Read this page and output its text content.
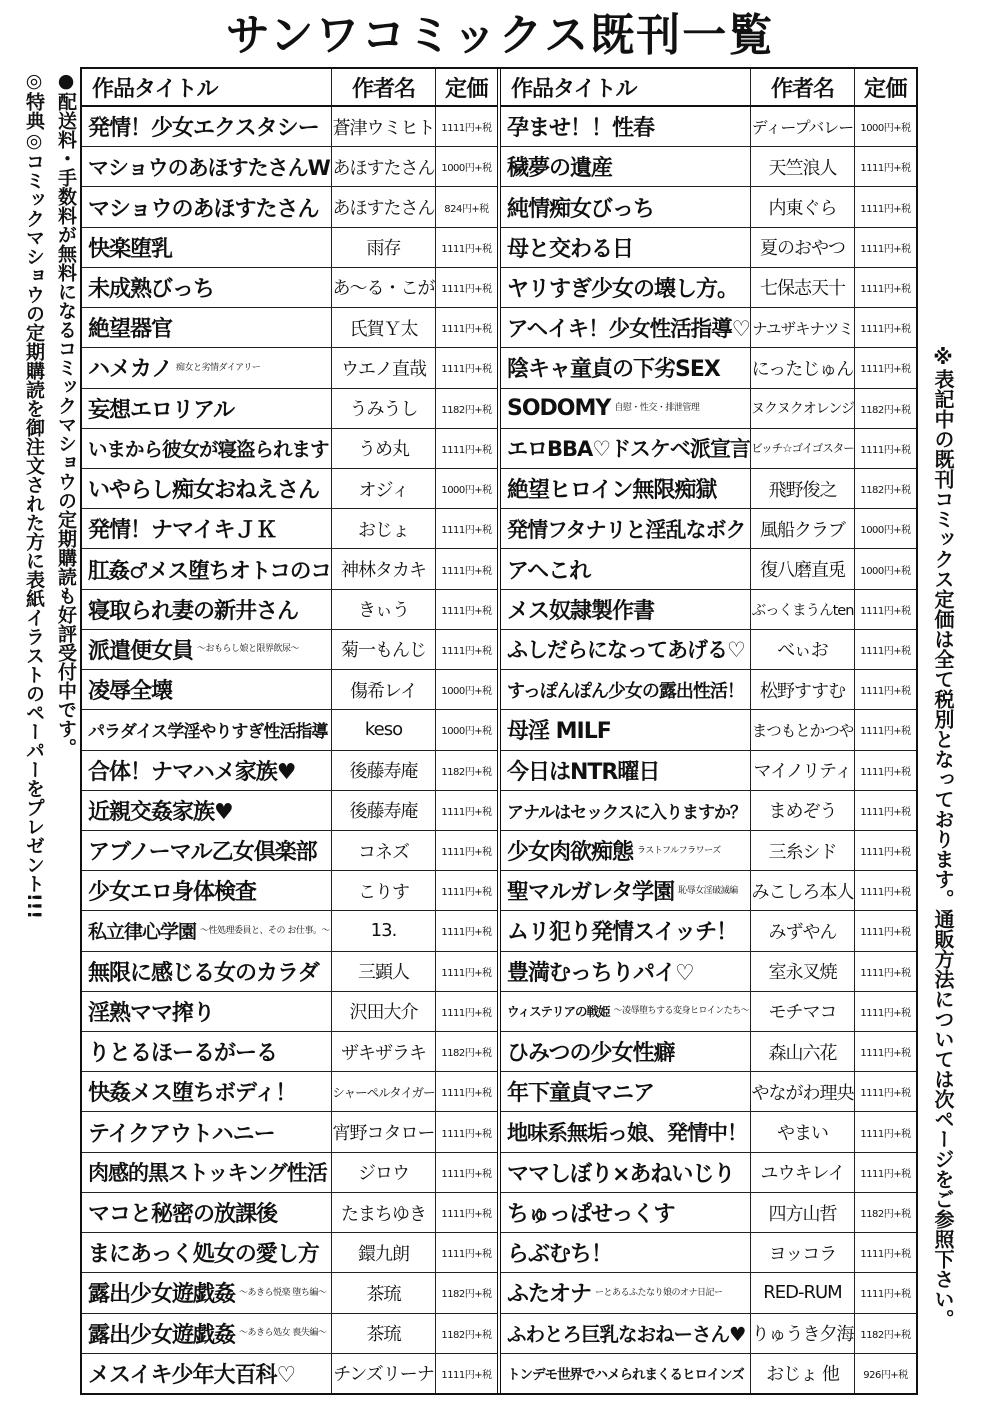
サンワコミックス既刊一覧
●配送料・手数料が無料になるコミックマショウの定期購読も好評受付中です。
◎特典◎コミックマショウの定期購読を御注文された方に表紙イラストのペーパーをプレゼント!!!	※表記中の既刊コミックス定価は全て税別となっております。通販方法については次ページをご参照下さい。
作品タイトル	作者名	定価
発情！少女エクスタシー 蒼津ウミヒト 1111円+税
マショウのあほすたさんW あほすたさん 1000円+税
マショウのあほすたさん あほすたさん 824円+税
快楽堕乳	雨存	1111円+税
未成熟びっち	あ～る・こが 1111円+税
絶望器官	氏賀Ｙ太	1111円+税
ハメカノ 痴女と劣情ダイアリー	ウエノ直哉	1111円+税
妄想エロリアル	うみうし	1182円+税
いまから彼女が寝盗られます	うめ丸	1111円+税
いやらし痴女おねえさん	オジィ	1000円+税
発情！ナマイキＪＫ	おじょ	1111円+税
肛姦♂メス堕ちオトコのコ 神林タカキ	1111円+税
寝取られ妻の新井さん	きぃう	1111円+税
派遣便女員 ～おもらし娘と限界飲尿～	菊一もんじ	1111円+税
凌辱全壊	傷希レイ	1000円+税
パラダイス学淫やりすぎ性活指導	keso	1000円+税
合体！ナマハメ家族♥	後藤寿庵	1182円+税
近親交姦家族♥	後藤寿庵	1111円+税
アブノーマル乙女倶楽部	コネズ	1111円+税
少女エロ身体検査	こりす	1111円+税
私立律心学園 ～性処理委員と、その お仕事。～	13.	1111円+税
無限に感じる女のカラダ	三顕人	1111円+税
淫熟ママ搾り	沢田大介	1111円+税
りとるほーるがーる	ザキザラキ	1182円+税
快姦メス堕ちボディ！	シャーペルタイガー 1111円+税
テイクアウトハニー	宵野コタロー 1111円+税
肉感的黒ストッキング性活	ジロウ	1111円+税
マコと秘密の放課後	たまちゆき	1111円+税
まにあっく処女の愛し方	鐶九朗	1111円+税
露出少女遊戯姦 ～あきら悦楽 堕ち編～	茶琉	1182円+税
露出少女遊戯姦 ～あきら処女 喪失編～	茶琉	1182円+税
メスイキ少年大百科♡ チンズリーナ 1111円+税
作品タイトル	作者名	定価
孕ませ！！性春	ディープバレー 1000円+税
穢夢の遺産	天竺浪人	1111円+税
純情痴女びっち	内東ぐら	1111円+税
母と交わる日	夏のおやつ	1111円+税
ヤリすぎ少女の壊し方。	七保志天十	1111円+税
アヘイキ！少女性活指導♡ ナユザキナツミ 1111円+税
陰キャ童貞の下劣SEX にったじゅん 1111円+税
SODOMY 自慰・性交・排泄管理	ヌクヌクオレンジ 1182円+税
エロBBA♡ドスケベ派宣言 ビッチ☆ゴイゴスター 1111円+税
絶望ヒロイン無限痴獄	飛野俊之	1182円+税
発情フタナリと淫乱なボク 風船クラブ	1000円+税
アヘこれ	復八磨直兎	1000円+税
メス奴隷製作書	ぶっくまうんten 1111円+税
ふしだらになってあげる♡	べぃお	1111円+税
すっぽんぽん少女の露出性活！ 松野すすむ	1111円+税
母淫 MILF	まつもとかつや 1111円+税
今日はNTR曜日	マイノリティ 1111円+税
アナルはセックスに入りますか？	まめぞう	1111円+税
少女肉欲痴態 ラストフルフラワーズ	三糸シド	1111円+税
聖マルガレタ学園 恥辱女淫破滅編 みこしろ本人 1111円+税
ムリ犯り発情スイッチ！	みずやん	1111円+税
豊満むっちりパイ♡	室永叉焼	1111円+税
ウィステリアの戦姫 ～凌辱堕ちする変身ヒロインたち～	モチマコ	1111円+税
ひみつの少女性癖	森山六花	1111円+税
年下童貞マニア	やながわ理央 1111円+税
地味系無垢っ娘、発情中！	やまい	1111円+税
ママしぼり×あねいじり	ユウキレイ	1111円+税
ちゅっぱせっくす	四方山哲	1182円+税
らぶむち！	ヨッコラ	1111円+税
ふたオナ ーとあるふたなり娘のオナ日記ー	RED-RUM	1111円+税
ふわとろ巨乳なおねーさん♥ りゅうき夕海 1182円+税
トンデモ世界でハメられまくるヒロインズ	おじょ 他	926円+税
